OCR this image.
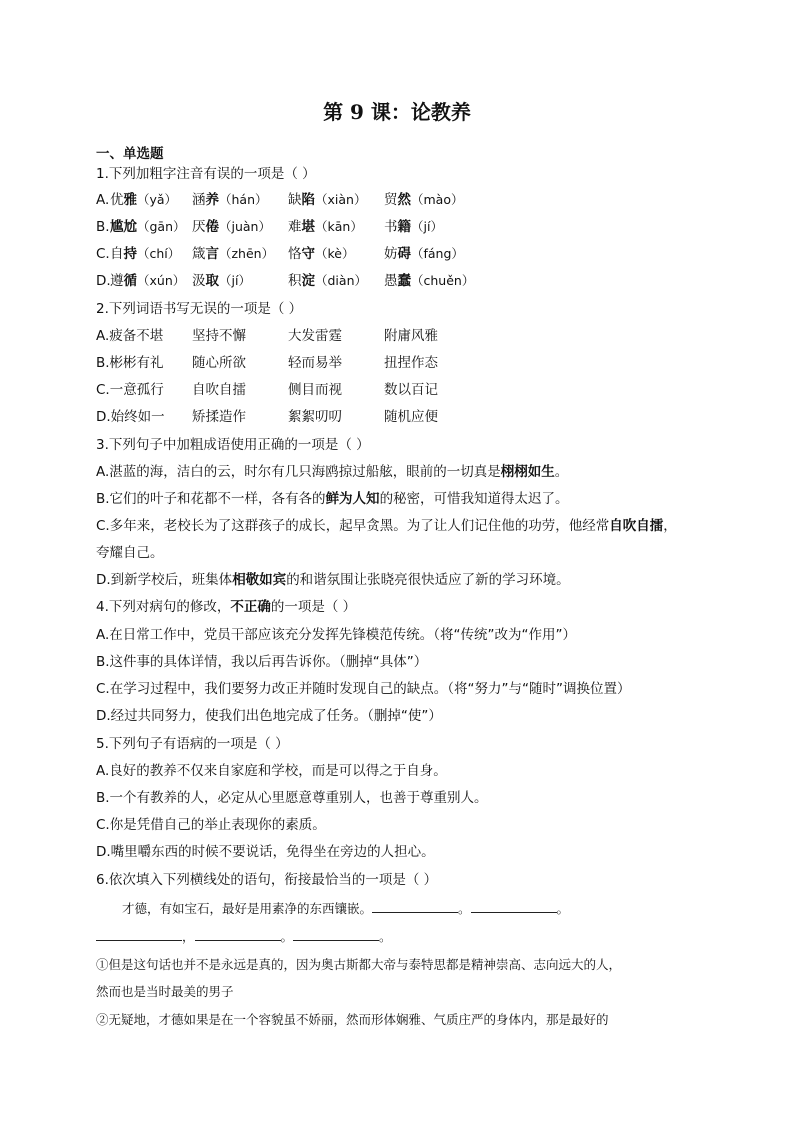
第 9 课：论教养
一、单选题
1.下列加粗字注音有误的一项是（ ）
A. 优雅（yǎ） 涵养（hán） 缺陷（xiàn） 贸然（mào）
B. 尴尬（gān） 厌倦（juàn） 难堪（kān） 书籍（jí）
C. 自持（chí） 箴言（zhēn） 恪守（kè） 妨碍（fáng）
D. 遵循（xún） 汲取（jí）	积淀（diàn） 愚蠢（chuěn）
2.下列词语书写无误的一项是（ ）
A.疲备不堪 坚持不懈	大发雷霆	附庸风雅
B.彬彬有礼 随心所欲	轻而易举	扭捏作态
C.一意孤行 自吹自擂	侧目而视	数以百记
D.始终如一 矫揉造作	絮絮叨叨	随机应便
3.下列句子中加粗成语使用正确的一项是（ ）
A.湛蓝的海，洁白的云，时尔有几只海鸥掠过船舷，眼前的一切真是栩栩如生。
B.它们的叶子和花都不一样，各有各的鲜为人知的秘密，可惜我知道得太迟了。
C.多年来，老校长为了这群孩子的成长，起早贪黑。为了让人们记住他的功劳，他经常自吹自擂，
夸耀自己。
D.到新学校后，班集体相敬如宾的和谐氛围让张晓亮很快适应了新的学习环境。
4.下列对病句的修改，不正确的一项是（ ）
A.在日常工作中，党员干部应该充分发挥先锋模范传统。（将“传统”改为“作用”）
B.这件事的具体详情，我以后再告诉你。（删掉“具体”）
C.在学习过程中，我们要努力改正并随时发现自己的缺点。（将“努力”与“随时”调换位置）
D.经过共同努力，使我们出色地完成了任务。（删掉“使”）
5.下列句子有语病的一项是（ ）
A.良好的教养不仅来自家庭和学校，而是可以得之于自身。
B.一个有教养的人，必定从心里愿意尊重别人，也善于尊重别人。
C.你是凭借自己的举止表现你的素质。
D.嘴里嚼东西的时候不要说话，免得坐在旁边的人担心。
6.依次填入下列横线处的语句，衔接最恰当的一项是（ ）
才德，有如宝石，最好是用素净的东西镶嵌。	。	。
，	。	。
①但是这句话也并不是永远是真的，因为奥古斯都大帝与泰特思都是精神崇高、志向远大的人，
然而也是当时最美的男子
②无疑地，才德如果是在一个容貌虽不娇丽，然而形体娴雅、气质庄严的身体内，那是最好的
